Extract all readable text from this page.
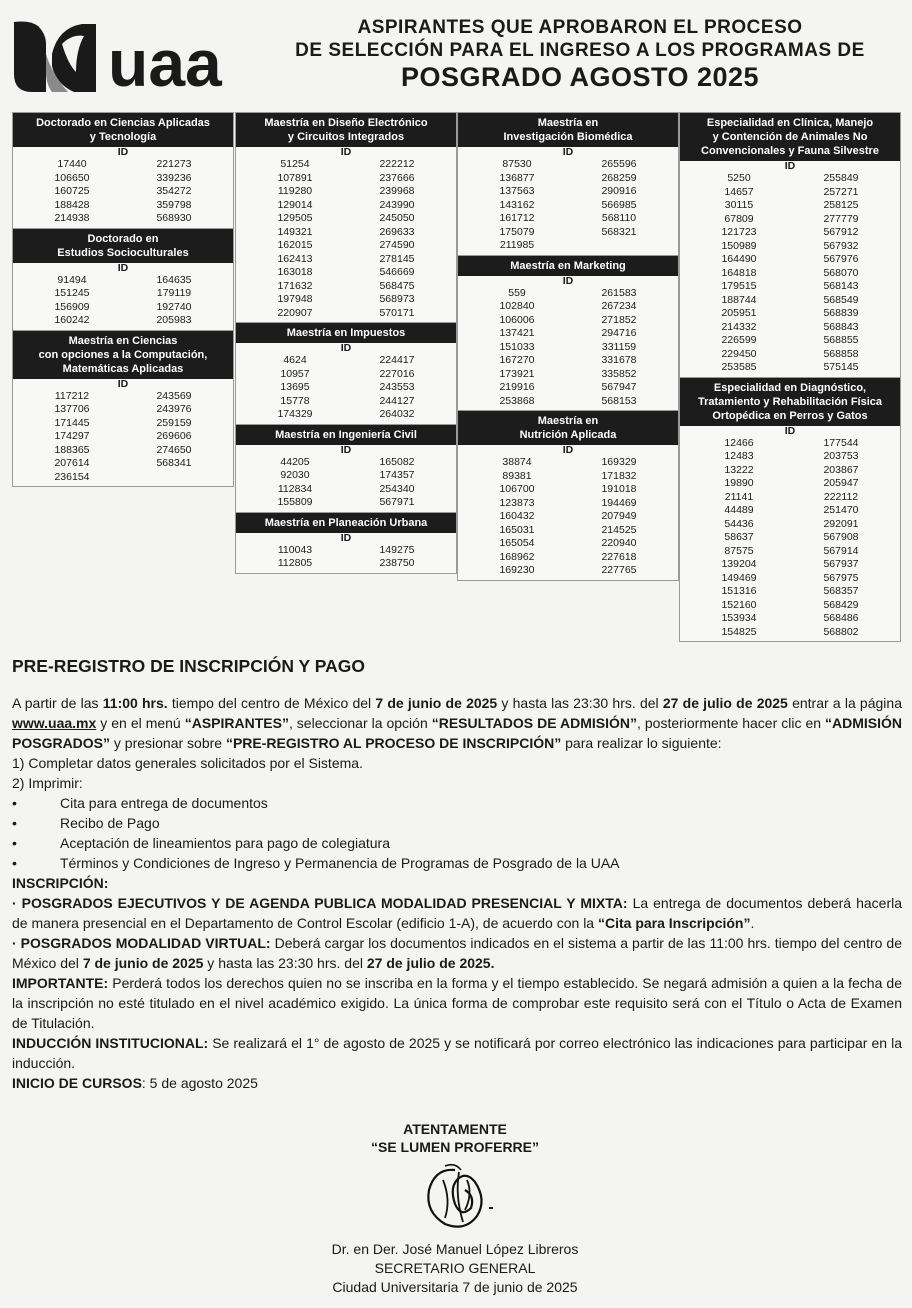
uaa	ASPIRANTES QUE APROBARON EL PROCESO
DE SELECCIÓN PARA EL INGRESO A LOS PROGRAMAS DE
POSGRADO AGOSTO 2025
Doctorado en Ciencias Aplicadas
y Tecnología
ID
17440	221273
106650	339236
160725	354272
188428	359798
214938	568930
Doctorado en
Estudios Socioculturales
ID
91494	164635
151245	179119
156909	192740
160242	205983
Maestría en Ciencias
con opciones a la Computación,
Matemáticas Aplicadas
ID
117212	243569
137706	243976
171445	259159
174297	269606
188365	274650
207614	568341
236154
Maestría en Diseño Electrónico
y Circuitos Integrados
ID
51254	222212
107891	237666
119280	239968
129014	243990
129505	245050
149321	269633
162015	274590
162413	278145
163018	546669
171632	568475
197948	568973
220907	570171
Maestría en Impuestos
ID
4624	224417
10957	227016
13695	243553
15778	244127
174329	264032
Maestría en Ingeniería Civil
ID
44205	165082
92030	174357
112834	254340
155809	567971
Maestría en Planeación Urbana
ID
110043	149275
112805	238750
Maestría en
Investigación Biomédica
ID
87530	265596
136877	268259
137563	290916
143162	566985
161712	568110
175079	568321
211985
Maestría en Marketing
ID
559	261583
102840	267234
106006	271852
137421	294716
151033	331159
167270	331678
173921	335852
219916	567947
253868	568153
Maestría en
Nutrición Aplicada
ID
38874	169329
89381	171832
106700	191018
123873	194469
160432	207949
165031	214525
165054	220940
168962	227618
169230	227765
Especialidad en Clínica, Manejo
y Contención de Animales No
Convencionales y Fauna Silvestre
ID
5250	255849
14657	257271
30115	258125
67809	277779
121723	567912
150989	567932
164490	567976
164818	568070
179515	568143
188744	568549
205951	568839
214332	568843
226599	568855
229450	568858
253585	575145
Especialidad en Diagnóstico,
Tratamiento y Rehabilitación Física
Ortopédica en Perros y Gatos
ID
12466	177544
12483	203753
13222	203867
19890	205947
21141	222112
44489	251470
54436	292091
58637	567908
87575	567914
139204	567937
149469	567975
151316	568357
152160	568429
153934	568486
154825	568802
PRE-REGISTRO DE INSCRIPCIÓN Y PAGO

A partir de las 11:00 hrs. tiempo del centro de México del 7 de junio de 2025 y hasta las 23:30 hrs. del 27 de julio de 2025 entrar a la página www.uaa.mx y en el menú “ASPIRANTES”, seleccionar la opción “RESULTADOS DE ADMISIÓN”, posteriormente hacer clic en “ADMISIÓN POSGRADOS” y presionar sobre “PRE-REGISTRO AL PROCESO DE INSCRIPCIÓN” para realizar lo siguiente:

1) Completar datos generales solicitados por el Sistema.

2) Imprimir:

• Cita para entrega de documentos

• Recibo de Pago

• Aceptación de lineamientos para pago de colegiatura

• Términos y Condiciones de Ingreso y Permanencia de Programas de Posgrado de la UAA

INSCRIPCIÓN:

· POSGRADOS EJECUTIVOS Y DE AGENDA PUBLICA MODALIDAD PRESENCIAL Y MIXTA: La entrega de documentos deberá hacerla de manera presencial en el Departamento de Control Escolar (edificio 1-A), de acuerdo con la “Cita para Inscripción”.

· POSGRADOS MODALIDAD VIRTUAL: Deberá cargar los documentos indicados en el sistema a partir de las 11:00 hrs. tiempo del centro de México del 7 de junio de 2025 y hasta las 23:30 hrs. del 27 de julio de 2025.

IMPORTANTE: Perderá todos los derechos quien no se inscriba en la forma y el tiempo establecido. Se negará admisión a quien a la fecha de la inscripción no esté titulado en el nivel académico exigido. La única forma de comprobar este requisito será con el Título o Acta de Examen de Titulación.

INDUCCIÓN INSTITUCIONAL: Se realizará el 1° de agosto de 2025 y se notificará por correo electrónico las indicaciones para participar en la inducción.

INICIO DE CURSOS: 5 de agosto 2025

ATENTAMENTE
“SE LUMEN PROFERRE”
Dr. en Der. José Manuel López Libreros
SECRETARIO GENERAL
Ciudad Universitaria 7 de junio de 2025
